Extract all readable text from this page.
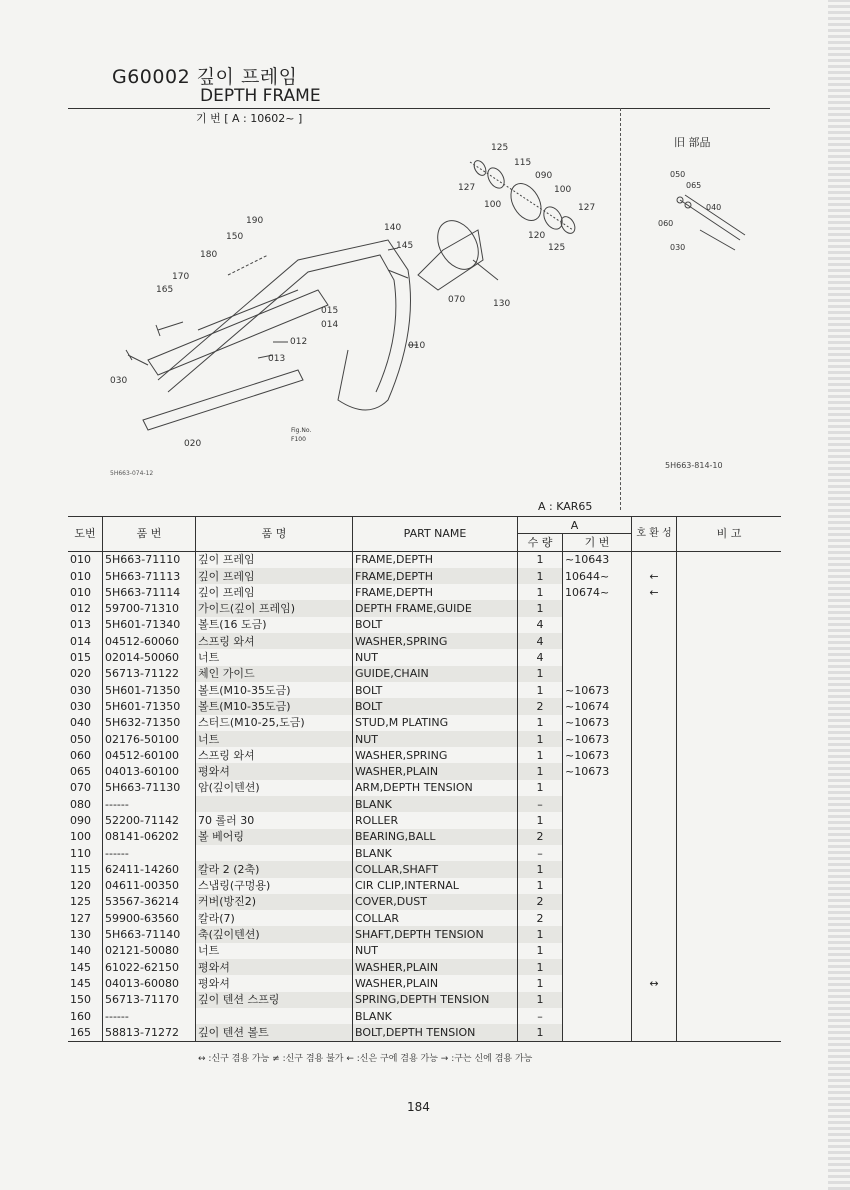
G60002 깊이 프레임
DEPTH FRAME
기 번 [ A : 10602~ ]
旧 部品
125
115
090
100
127
127
100
120
125
140
145
070	130
190
150
180
170
165
015
014
012
013
010
030
020
Fig.No.
F100
050
065
040
060
030
5H663-074-12
5H663-814-10
A : KAR65
도번	품 번	품 명	PART NAME	A		호 환 성	비 고
				수 량	기 번		
010	5H663-71110	깊이 프레임	FRAME,DEPTH	1	~10643		
010	5H663-71113	깊이 프레임	FRAME,DEPTH	1	10644~	←	
010	5H663-71114	깊이 프레임	FRAME,DEPTH	1	10674~	←	
012	59700-71310	가이드(깊이 프레임)	DEPTH FRAME,GUIDE	1			
013	5H601-71340	볼트(16 도금)	BOLT	4			
014	04512-60060	스프링 와셔	WASHER,SPRING	4			
015	02014-50060	너트	NUT	4			
020	56713-71122	체인 가이드	GUIDE,CHAIN	1			
030	5H601-71350	볼트(M10-35도금)	BOLT	1	~10673		
030	5H601-71350	볼트(M10-35도금)	BOLT	2	~10674		
040	5H632-71350	스터드(M10-25,도금)	STUD,M PLATING	1	~10673		
050	02176-50100	너트	NUT	1	~10673		
060	04512-60100	스프링 와셔	WASHER,SPRING	1	~10673		
065	04013-60100	평와셔	WASHER,PLAIN	1	~10673		
070	5H663-71130	암(깊이텐션)	ARM,DEPTH TENSION	1			
080	------		BLANK	–			
090	52200-71142	70 롤러 30	ROLLER	1			
100	08141-06202	볼 베어링	BEARING,BALL	2			
110	------		BLANK	–			
115	62411-14260	칼라 2 (2축)	COLLAR,SHAFT	1			
120	04611-00350	스냅링(구멍용)	CIR CLIP,INTERNAL	1			
125	53567-36214	커버(방진2)	COVER,DUST	2			
127	59900-63560	칼라(7)	COLLAR	2			
130	5H663-71140	축(깊이텐션)	SHAFT,DEPTH TENSION	1			
140	02121-50080	너트	NUT	1			
145	61022-62150	평와셔	WASHER,PLAIN	1			
145	04013-60080	평와셔	WASHER,PLAIN	1		↔	
150	56713-71170	깊이 텐션 스프링	SPRING,DEPTH TENSION	1			
160	------		BLANK	–			
165	58813-71272	깊이 텐션 볼트	BOLT,DEPTH TENSION	1			
↔ :신구 겸용 가능 ≠ :신구 겸용 불가 ← :신은 구에 겸용 가능 → :구는 신에 겸용 가능
184
